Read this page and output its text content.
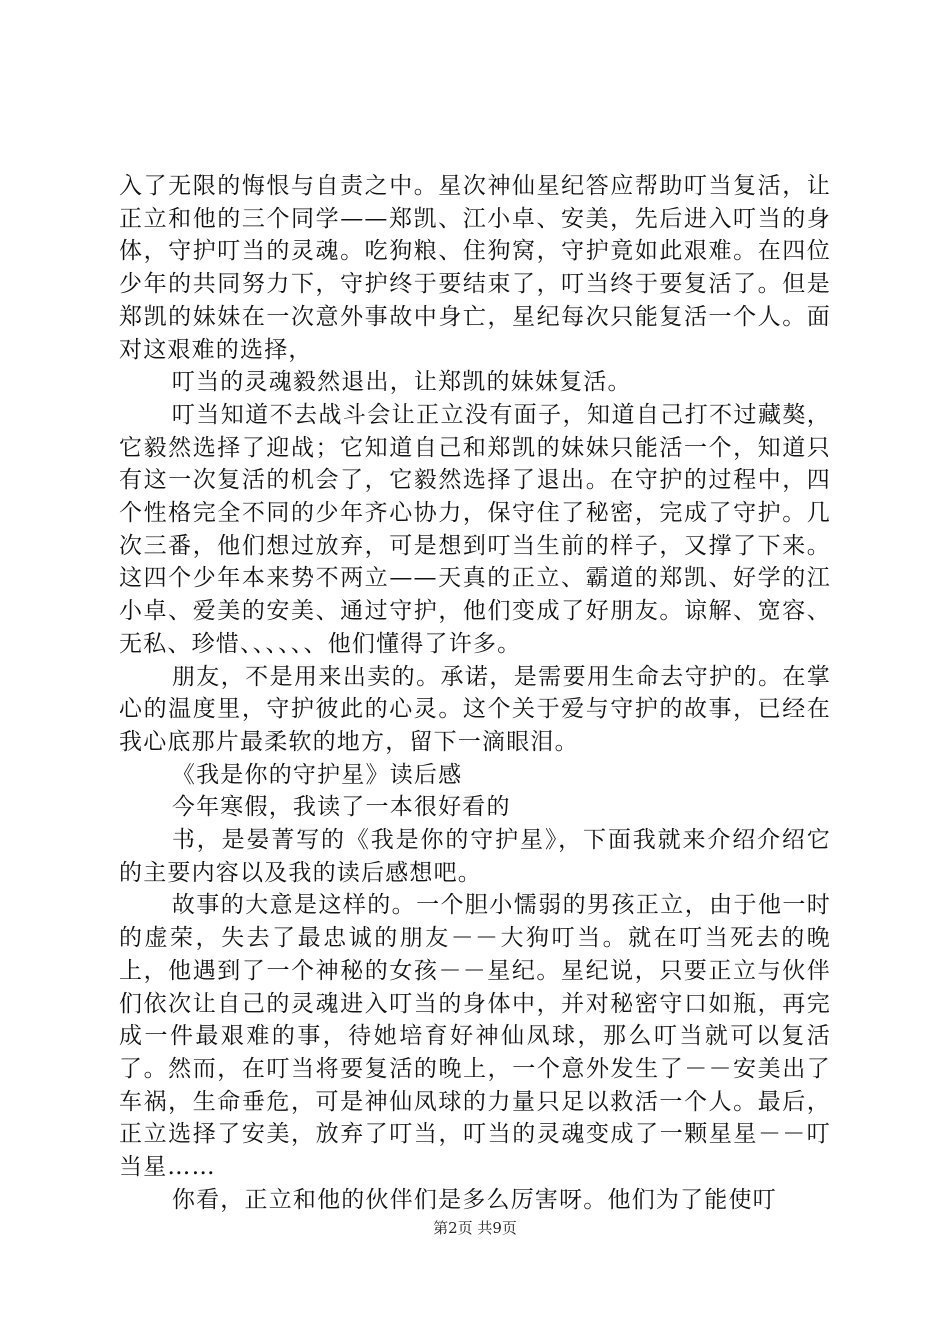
入了无限的悔恨与自责之中。星次神仙星纪答应帮助叮当复活，让正立和他的三个同学——郑凯、江小卓、安美，先后进入叮当的身体，守护叮当的灵魂。吃狗粮、住狗窝，守护竟如此艰难。在四位少年的共同努力下，守护终于要结束了，叮当终于要复活了。但是郑凯的妹妹在一次意外事故中身亡，星纪每次只能复活一个人。面对这艰难的选择，

叮当的灵魂毅然退出，让郑凯的妹妹复活。

叮当知道不去战斗会让正立没有面子，知道自己打不过藏獒，它毅然选择了迎战；它知道自己和郑凯的妹妹只能活一个，知道只有这一次复活的机会了，它毅然选择了退出。在守护的过程中，四个性格完全不同的少年齐心协力，保守住了秘密，完成了守护。几次三番，他们想过放弃，可是想到叮当生前的样子，又撑了下来。这四个少年本来势不两立——天真的正立、霸道的郑凯、好学的江小卓、爱美的安美、通过守护，他们变成了好朋友。谅解、宽容、无私、珍惜、、、、、、他们懂得了许多。

朋友，不是用来出卖的。承诺，是需要用生命去守护的。在掌心的温度里，守护彼此的心灵。这个关于爱与守护的故事，已经在我心底那片最柔软的地方，留下一滴眼泪。

《我是你的守护星》读后感

今年寒假，我读了一本很好看的

书，是晏菁写的《我是你的守护星》，下面我就来介绍介绍它的主要内容以及我的读后感想吧。

故事的大意是这样的。一个胆小懦弱的男孩正立，由于他一时的虚荣，失去了最忠诚的朋友－－大狗叮当。就在叮当死去的晚上，他遇到了一个神秘的女孩－－星纪。星纪说，只要正立与伙伴们依次让自己的灵魂进入叮当的身体中，并对秘密守口如瓶，再完成一件最艰难的事，待她培育好神仙凤球，那么叮当就可以复活了。然而，在叮当将要复活的晚上，一个意外发生了－－安美出了车祸，生命垂危，可是神仙凤球的力量只足以救活一个人。最后，正立选择了安美，放弃了叮当，叮当的灵魂变成了一颗星星－－叮当星……

你看，正立和他的伙伴们是多么厉害呀。他们为了能使叮

第2页 共9页
